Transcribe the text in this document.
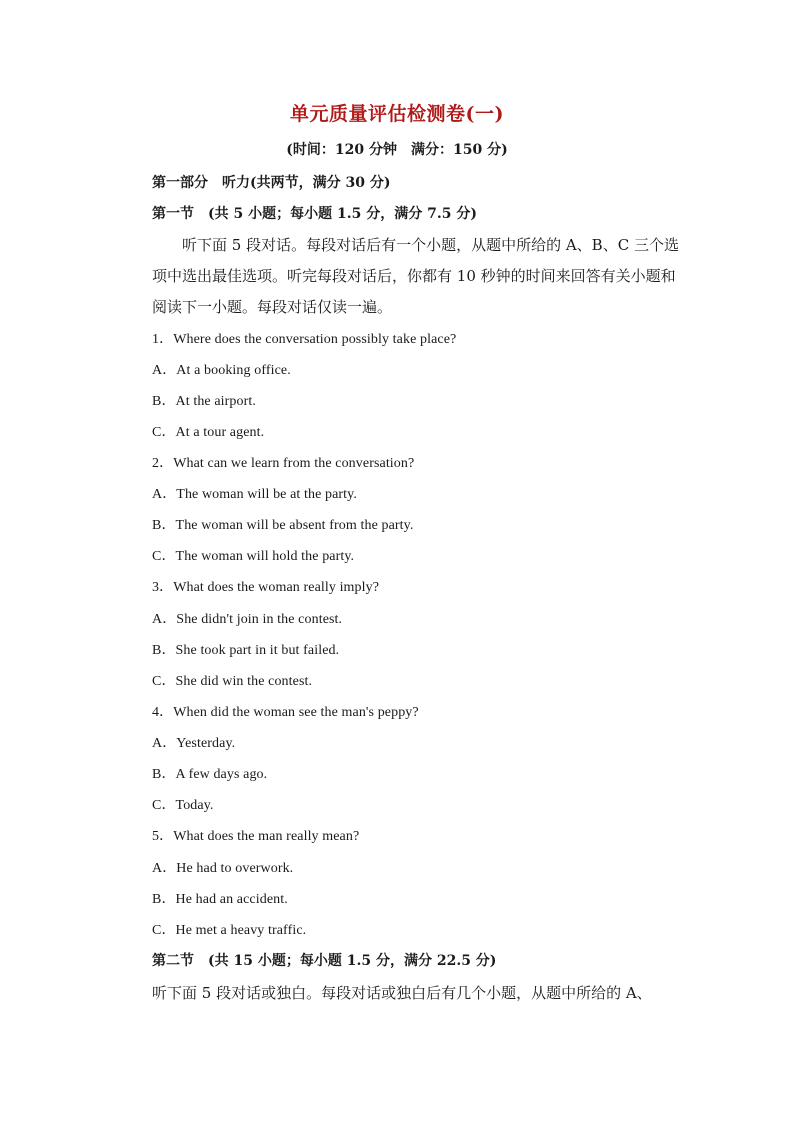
单元质量评估检测卷(一)
(时间：120 分钟　满分：150 分)
第一部分　听力(共两节，满分 30 分)
第一节　(共 5 小题；每小题 1.5 分，满分 7.5 分)
　　听下面 5 段对话。每段对话后有一个小题，从题中所给的 A、B、C 三个选
项中选出最佳选项。听完每段对话后，你都有 10 秒钟的时间来回答有关小题和
阅读下一小题。每段对话仅读一遍。
1．Where does the conversation possibly take place?
A．At a booking office.
B．At the airport.
C．At a tour agent.
2．What can we learn from the conversation?
A．The woman will be at the party.
B．The woman will be absent from the party.
C．The woman will hold the party.
3．What does the woman really imply?
A．She didn't join in the contest.
B．She took part in it but failed.
C．She did win the contest.
4．When did the woman see the man's peppy?
A．Yesterday.
B．A few days ago.
C．Today.
5．What does the man really mean?
A．He had to overwork.
B．He had an accident.
C．He met a heavy traffic.
第二节　(共 15 小题；每小题 1.5 分，满分 22.5 分)
听下面 5 段对话或独白。每段对话或独白后有几个小题，从题中所给的 A、
